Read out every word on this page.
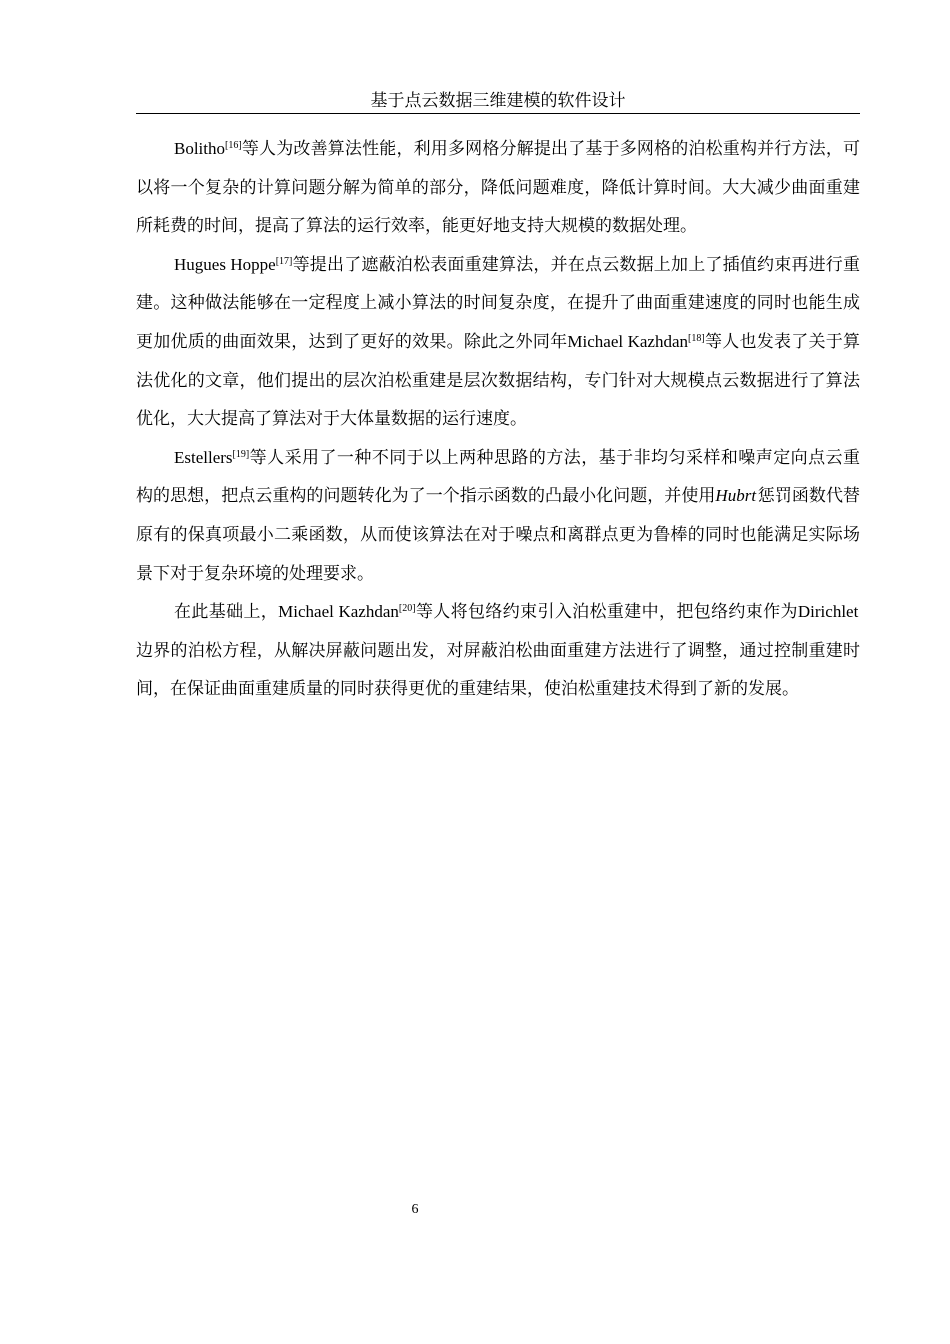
基于点云数据三维建模的软件设计

Bolitho[16]等人为改善算法性能，利用多网格分解提出了基于多网格的泊松重构并行方法，可以将一个复杂的计算问题分解为简单的部分，降低问题难度，降低计算时间。大大减少曲面重建所耗费的时间，提高了算法的运行效率，能更好地支持大规模的数据处理。

Hugues Hoppe[17]等提出了遮蔽泊松表面重建算法，并在点云数据上加上了插值约束再进行重建。这种做法能够在一定程度上减小算法的时间复杂度，在提升了曲面重建速度的同时也能生成更加优质的曲面效果，达到了更好的效果。除此之外同年Michael Kazhdan[18]等人也发表了关于算法优化的文章，他们提出的层次泊松重建是层次数据结构，专门针对大规模点云数据进行了算法优化，大大提高了算法对于大体量数据的运行速度。

Estellers[19]等人采用了一种不同于以上两种思路的方法，基于非均匀采样和噪声定向点云重构的思想，把点云重构的问题转化为了一个指示函数的凸最小化问题，并使用Hubrt  惩罚函数代替原有的保真项最小二乘函数，从而使该算法在对于噪点和离群点更为鲁棒的同时也能满足实际场景下对于复杂环境的处理要求。

在此基础上，Michael Kazhdan[20]等人将包络约束引入泊松重建中，把包络约束作为Dirichlet 边界的泊松方程，从解决屏蔽问题出发，对屏蔽泊松曲面重建方法进行了调整，通过控制重建时间，在保证曲面重建质量的同时获得更优的重建结果，使泊松重建技术得到了新的发展。

6
